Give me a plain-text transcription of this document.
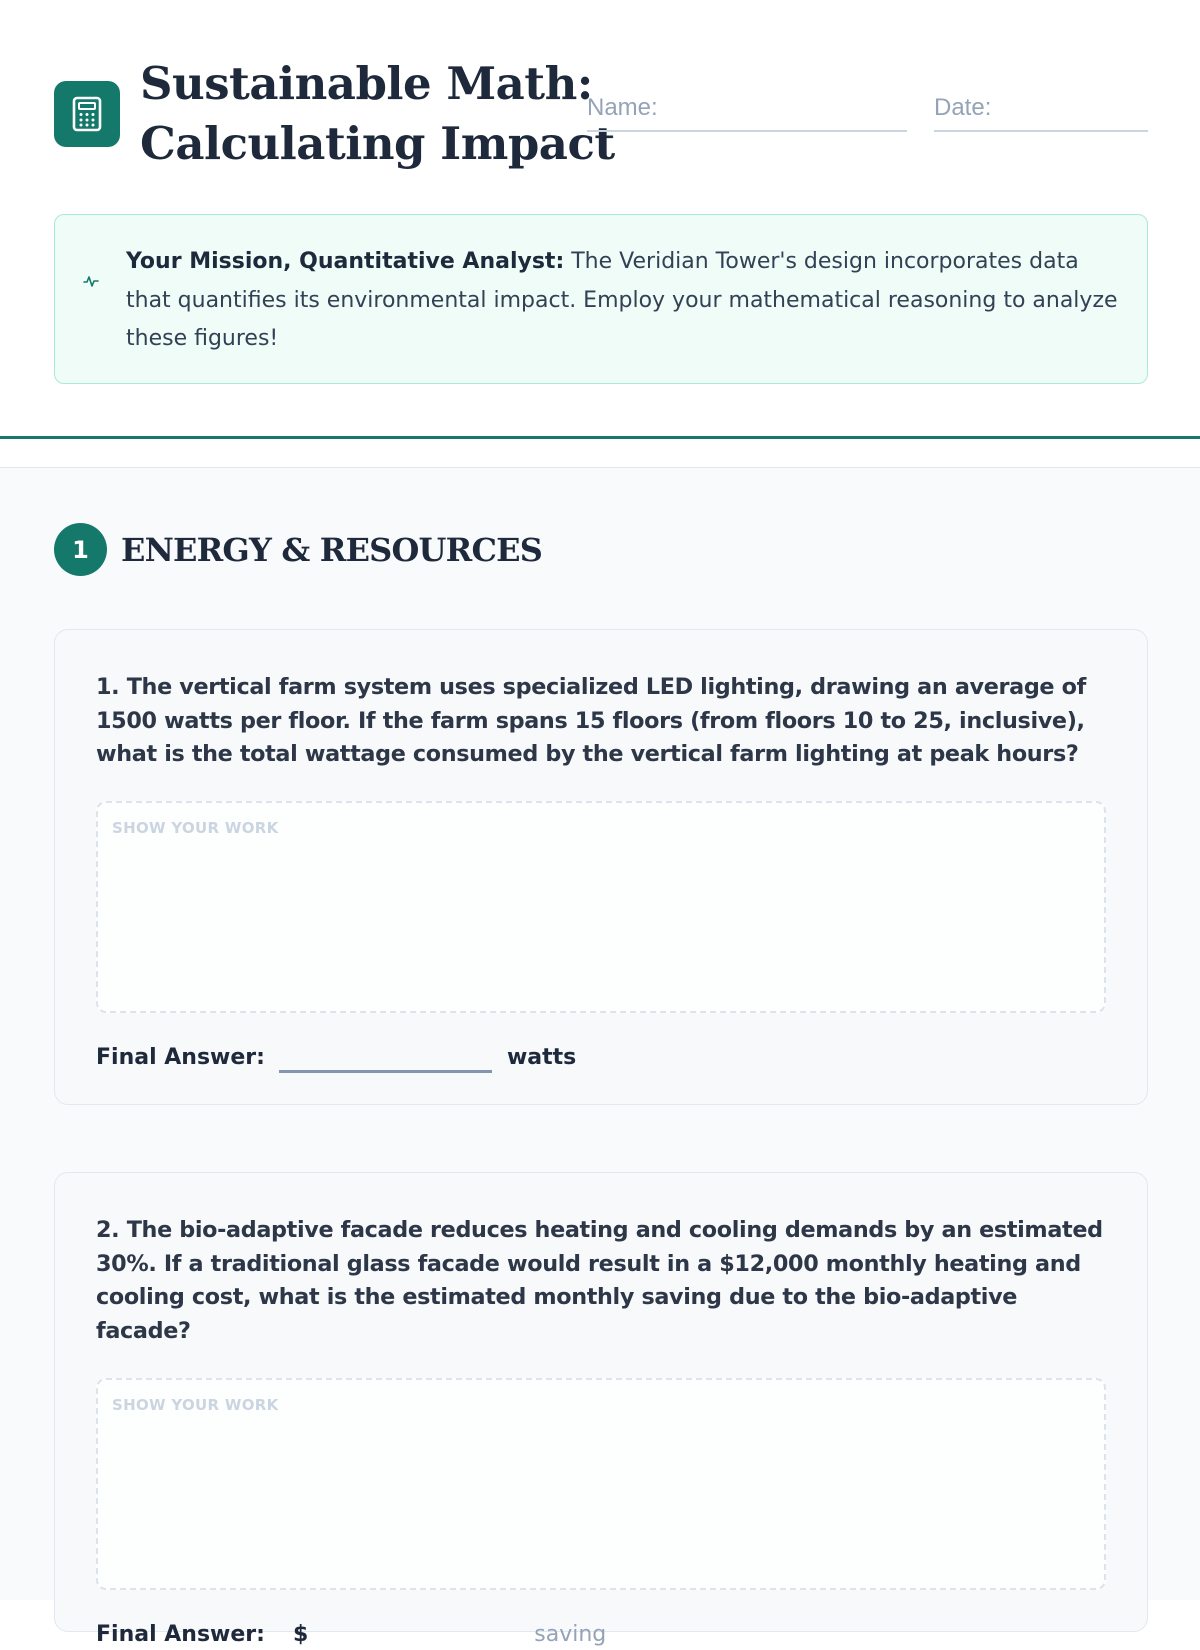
Sustainable Math:
Calculating Impact
Name:	Date:
Your Mission, Quantitative Analyst: The Veridian Tower's design incorporates data that quantifies its environmental impact. Employ your mathematical reasoning to analyze these figures!
1	ENERGY & RESOURCES

1. The vertical farm system uses specialized LED lighting, drawing an average of 1500 watts per floor. If the farm spans 15 floors (from floors 10 to 25, inclusive), what is the total wattage consumed by the vertical farm lighting at peak hours?

SHOW YOUR WORK
Final Answer:	watts

2. The bio-adaptive facade reduces heating and cooling demands by an estimated 30%. If a traditional glass facade would result in a $12,000 monthly heating and cooling cost, what is the estimated monthly saving due to the bio-adaptive facade?

SHOW YOUR WORK
Final Answer: $	saving
